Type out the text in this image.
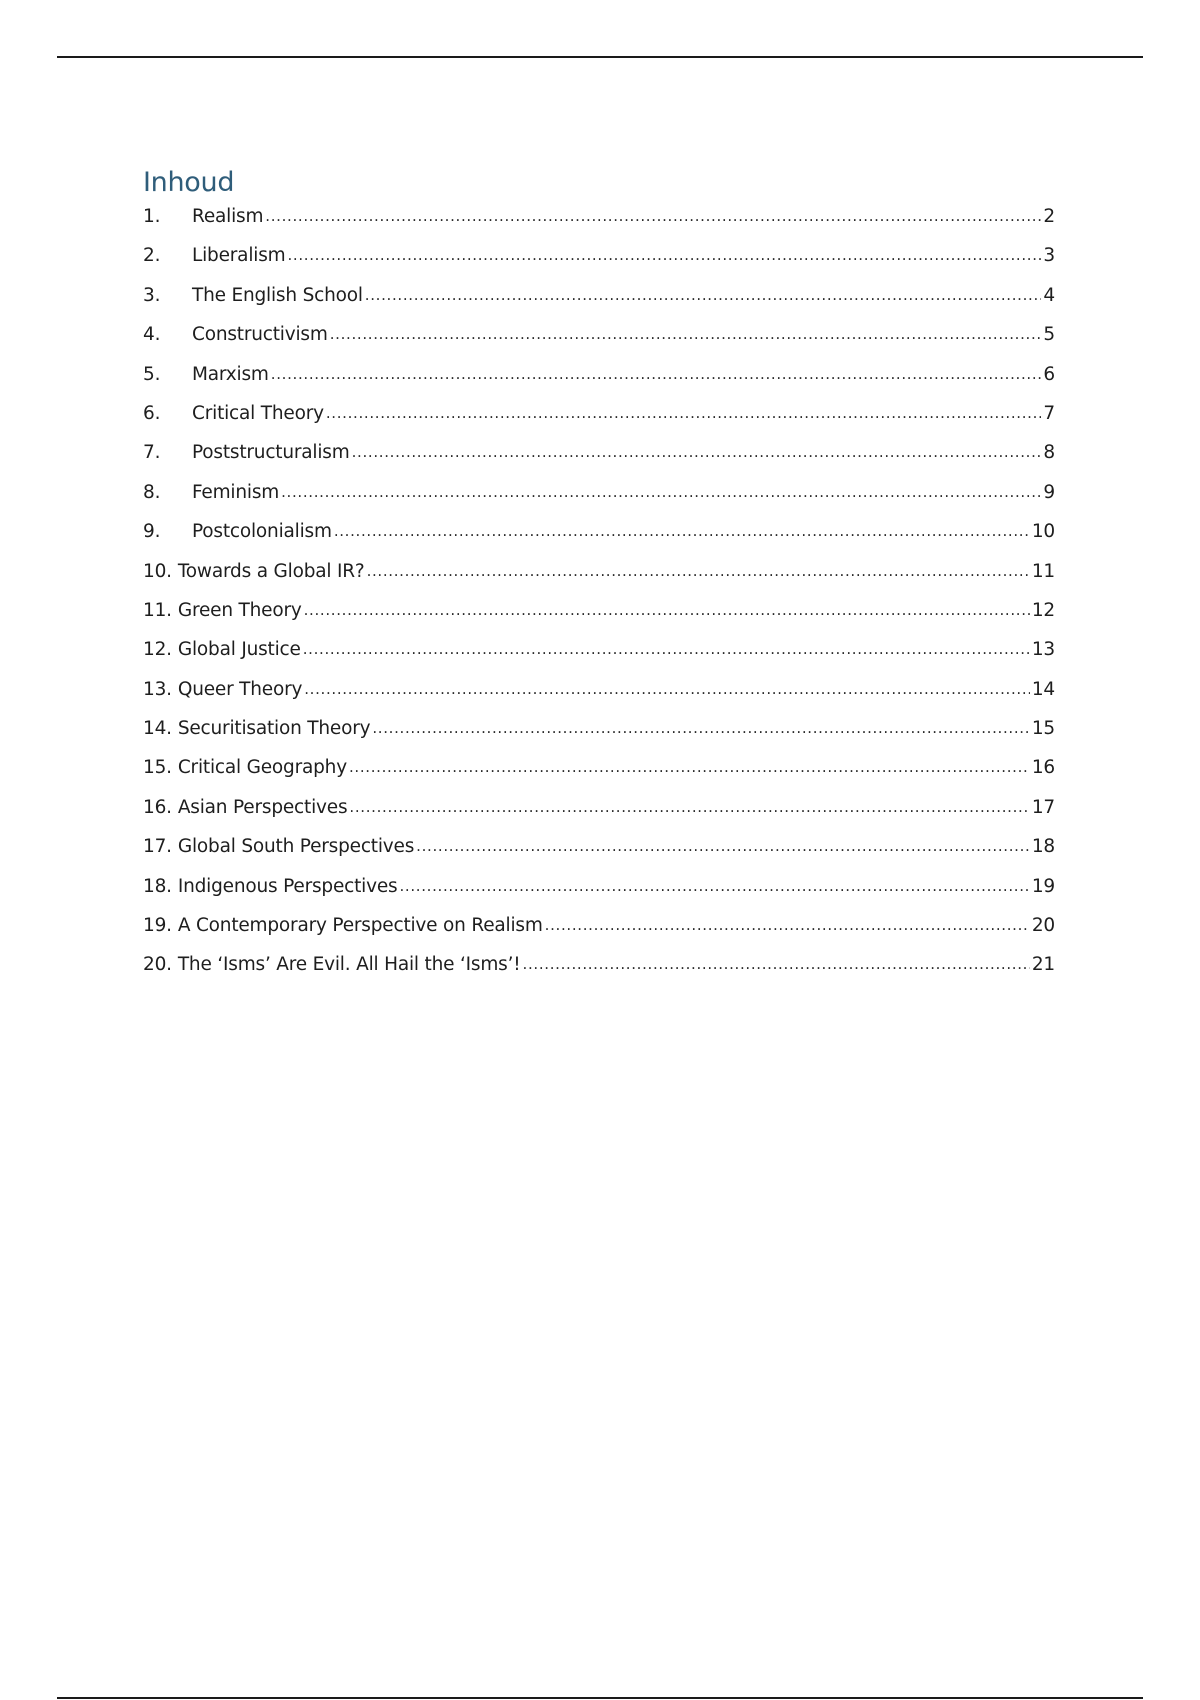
Inhoud
1.	Realism . . .	2
2.	Liberalism . . .	3
3.	The English School . . .	4
4.	Constructivism . . .	5
5.	Marxism . . .	6
6.	Critical Theory . . .	7
7.	Poststructuralism . . .	8
8.	Feminism . . .	9
9.	Postcolonialism . . .	10
10. Towards a Global IR? . . .	11
11. Green Theory . . .	12
12. Global Justice . . .	13
13. Queer Theory . . .	14
14. Securitisation Theory . . .	15
15. Critical Geography . . .	16
16. Asian Perspectives . . .	17
17. Global South Perspectives . . .	18
18. Indigenous Perspectives . . .	19
19. A Contemporary Perspective on Realism . . .	20
20. The ‘Isms’ Are Evil. All Hail the ‘Isms’! . . .	21
